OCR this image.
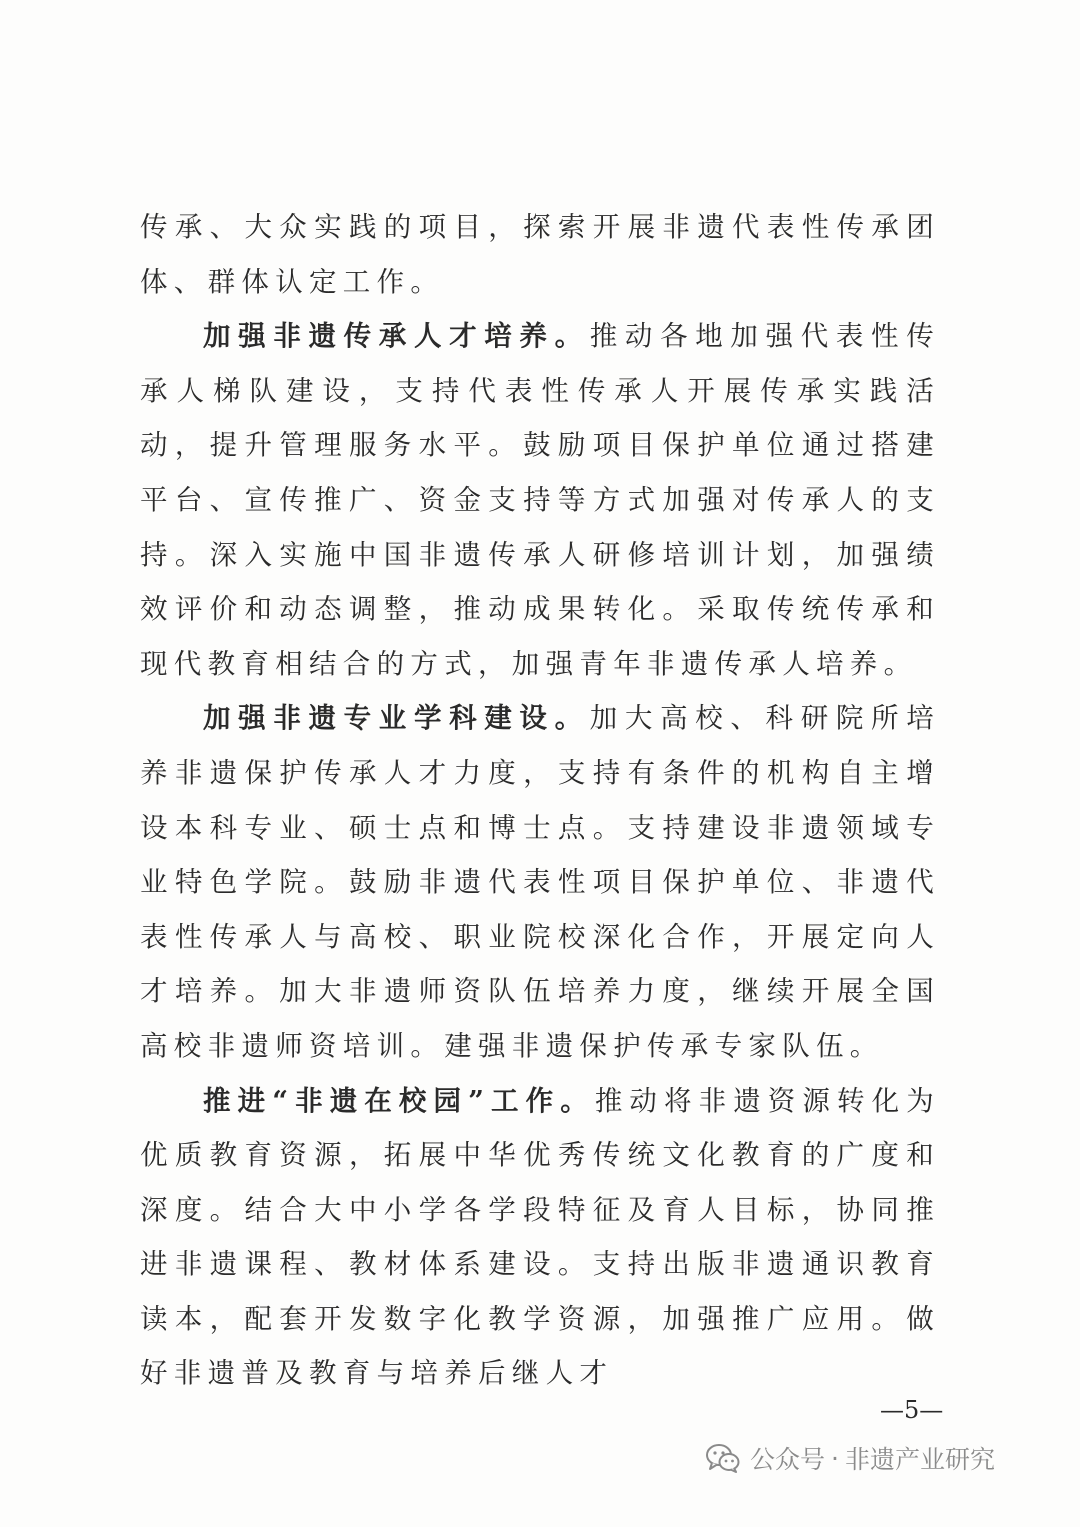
传承、大众实践的项目，探索开展非遗代表性传承团体、群体认定工作。

加强非遗传承人才培养。推动各地加强代表性传承人梯队建设，支持代表性传承人开展传承实践活动，提升管理服务水平。鼓励项目保护单位通过搭建平台、宣传推广、资金支持等方式加强对传承人的支持。深入实施中国非遗传承人研修培训计划，加强绩效评价和动态调整，推动成果转化。采取传统传承和现代教育相结合的方式，加强青年非遗传承人培养。

加强非遗专业学科建设。加大高校、科研院所培养非遗保护传承人才力度，支持有条件的机构自主增设本科专业、硕士点和博士点。支持建设非遗领域专业特色学院。鼓励非遗代表性项目保护单位、非遗代表性传承人与高校、职业院校深化合作，开展定向人才培养。加大非遗师资队伍培养力度，继续开展全国高校非遗师资培训。建强非遗保护传承专家队伍。

推进“非遗在校园”工作。推动将非遗资源转化为优质教育资源，拓展中华优秀传统文化教育的广度和深度。结合大中小学各学段特征及育人目标，协同推进非遗课程、教材体系建设。支持出版非遗通识教育读本，配套开发数字化教学资源，加强推广应用。做好非遗普及教育与培养后继人才

—5—
公众号 · 非遗产业研究
